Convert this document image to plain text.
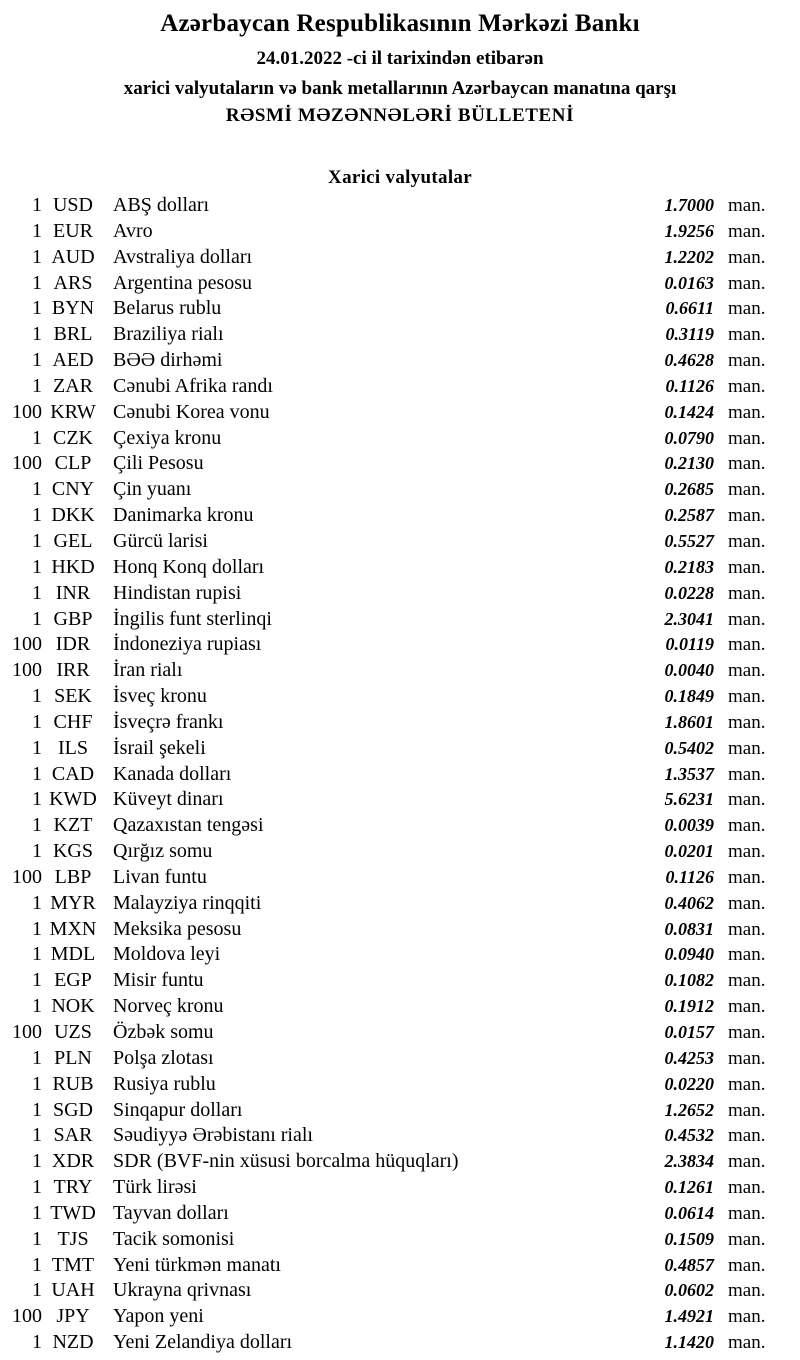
Azərbaycan Respublikasının Mərkəzi Bankı
24.01.2022 -ci il tarixindən etibarən
xarici valyutaların və bank metallarının Azərbaycan manatına qarşı
RƏSMİ MƏZƏNNƏLƏRİ BÜLLETENİ
Xarici valyutalar
1 USD	ABŞ dolları	1.7000 man.
1 EUR	Avro	1.9256 man.
1 AUD Avstraliya dolları	1.2202 man.
1 ARS	Argentina pesosu	0.0163 man.
1 BYN Belarus rublu	0.6611 man.
1 BRL	Braziliya rialı	0.3119 man.
1 AED BƏƏ dirhəmi	0.4628 man.
1 ZAR	Cənubi Afrika randı	0.1126 man.
100 KRW Cənubi Korea vonu	0.1424 man.
1 CZK	Çexiya kronu	0.0790 man.
100 CLP	Çili Pesosu	0.2130 man.
1 CNY Çin yuanı	0.2685 man.
1 DKK Danimarka kronu	0.2587 man.
1 GEL	Gürcü larisi	0.5527 man.
1 HKD Honq Konq dolları	0.2183 man.
1 INR	Hindistan rupisi	0.0228 man.
1 GBP	İngilis funt sterlinqi	2.3041 man.
100 IDR	İndoneziya rupiası	0.0119 man.
100 IRR	İran rialı	0.0040 man.
1 SEK	İsveç kronu	0.1849 man.
1 CHF	İsveçrə frankı	1.8601 man.
1 ILS	İsrail şekeli	0.5402 man.
1 CAD Kanada dolları	1.3537 man.
1 KWD Küveyt dinarı	5.6231 man.
1 KZT	Qazaxıstan tengəsi	0.0039 man.
1 KGS	Qırğız somu	0.0201 man.
100 LBP	Livan funtu	0.1126 man.
1 MYR Malayziya rinqqiti	0.4062 man.
1 MXN Meksika pesosu	0.0831 man.
1 MDL Moldova leyi	0.0940 man.
1 EGP	Misir funtu	0.1082 man.
1 NOK Norveç kronu	0.1912 man.
100 UZS	Özbək somu	0.0157 man.
1 PLN	Polşa zlotası	0.4253 man.
1 RUB Rusiya rublu	0.0220 man.
1 SGD	Sinqapur dolları	1.2652 man.
1 SAR	Səudiyyə Ərəbistanı rialı	0.4532 man.
1 XDR SDR (BVF-nin xüsusi borcalma hüquqları)	2.3834 man.
1 TRY	Türk lirəsi	0.1261 man.
1 TWD Tayvan dolları	0.0614 man.
1 TJS	Tacik somonisi	0.1509 man.
1 TMT Yeni türkmən manatı	0.4857 man.
1 UAH Ukrayna qrivnası	0.0602 man.
100 JPY	Yapon yeni	1.4921 man.
1 NZD Yeni Zelandiya dolları	1.1420 man.
